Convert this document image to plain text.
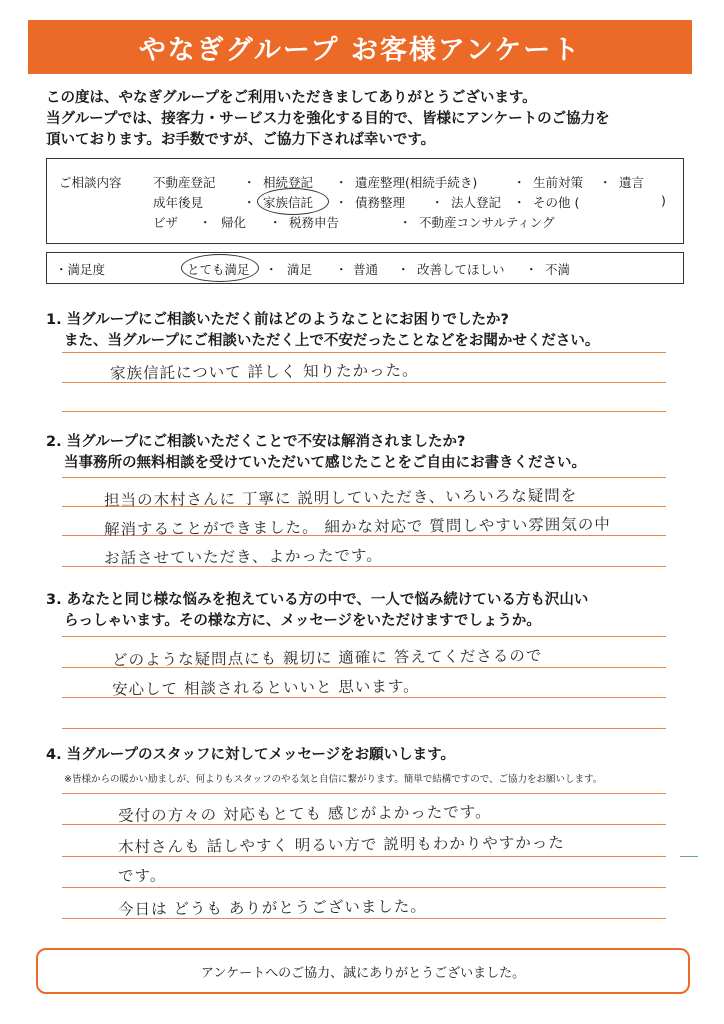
やなぎグループ お客様アンケート
この度は、やなぎグループをご利用いただきましてありがとうございます。
当グループでは、接客力・サービス力を強化する目的で、皆様にアンケートのご協力を
頂いております。お手数ですが、ご協力下されば幸いです。
ご相談内容	不動産登記 ・ 相続登記 ・ 遺産整理(相続手続き)	・ 生前対策 ・ 遺言
成年後見	・ 家族信託 ・ 債務整理 ・ 法人登記 ・ その他 (	)
ビザ ・ 帰化 ・ 税務申告	・ 不動産コンサルティング
・満足度	とても満足 ・ 満足 ・ 普通 ・ 改善してほしい ・ 不満
1. 当グループにご相談いただく前はどのようなことにお困りでしたか?
また、当グループにご相談いただく上で不安だったことなどをお聞かせください。
家族信託について 詳しく 知りたかった。
2. 当グループにご相談いただくことで不安は解消されましたか?
当事務所の無料相談を受けていただいて感じたことをご自由にお書きください。
担当の木村さんに 丁寧に 説明していただき、いろいろな疑問を
解消することができました。 細かな対応で 質問しやすい雰囲気の中
お話させていただき、よかったです。
3. あなたと同じ様な悩みを抱えている方の中で、一人で悩み続けている方も沢山い
らっしゃいます。その様な方に、メッセージをいただけますでしょうか。
どのような疑問点にも 親切に 適確に 答えてくださるので
安心して 相談されるといいと 思います。
4. 当グループのスタッフに対してメッセージをお願いします。
※皆様からの暖かい励ましが、何よりもスタッフのやる気と自信に繋がります。簡単で結構ですので、ご協力をお願いします。
受付の方々の 対応もとても 感じがよかったです。
木村さんも 話しやすく 明るい方で 説明もわかりやすかった
です。
今日は どうも ありがとうございました。
アンケートへのご協力、誠にありがとうございました。
